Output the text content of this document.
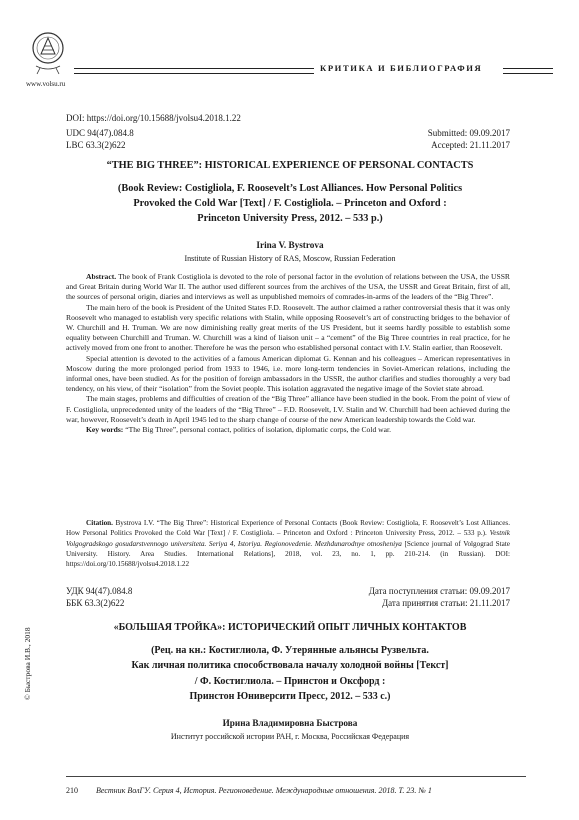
www.volsu.ru
КРИТИКА И БИБЛИОГРАФИЯ
DOI: https://doi.org/10.15688/jvolsu4.2018.1.22
UDC 94(47).084.8	Submitted: 09.09.2017
LBC 63.3(2)622	Accepted: 21.11.2017
“THE BIG THREE”: HISTORICAL EXPERIENCE OF PERSONAL CONTACTS
(Book Review: Costigliola, F. Roosevelt’s Lost Alliances. How Personal Politics
Provoked the Cold War [Text] / F. Costigliola. – Princeton and Oxford :
Princeton University Press, 2012. – 533 p.)
Irina V. Bystrova
Institute of Russian History of RAS, Moscow, Russian Federation

Abstract. The book of Frank Costigliola is devoted to the role of personal factor in the evolution of relations between the USA, the USSR and Great Britain during World War II. The author used different sources from the archives of the USA, the USSR and Great Britain, first of all, the sources of personal origin, diaries and interviews as well as unpublished memoirs of comrades-in-arms of the leaders of the “Big Three”.

The main hero of the book is President of the United States F.D. Roosevelt. The author claimed a rather controversial thesis that it was only Roosevelt who managed to establish very specific relations with Stalin, while opposing Roosevelt’s art of constructing bridges to the behavior of W. Churchill and H. Truman. We are now diminishing really great merits of the US President, but it seems hardly possible to establish some equality between Churchill and Truman. W. Churchill was a kind of liaison unit – a “cement” of the Big Three countries in real practice, for he actively moved from one front to another. Therefore he was the person who established personal contact with I.V. Stalin earlier, than Roosevelt.

Special attention is devoted to the activities of a famous American diplomat G. Kennan and his colleagues – American representatives in Moscow during the more prolonged period from 1933 to 1946, i.e. more long-term tendencies in Soviet-American relations, including the informal ones, have been studied. As for the position of foreign ambassadors in the USSR, the author clarifies and studies thoroughly a very bad tendency, on his view, of their “isolation” from the Soviet people. This isolation aggravated the negative image of the Soviet state abroad.

The main stages, problems and difficulties of creation of the “Big Three” alliance have been studied in the book. From the point of view of F. Costigliola, unprecedented unity of the leaders of the “Big Three” – F.D. Roosevelt, I.V. Stalin and W. Churchill had been achieved during the war, however, Roosevelt’s death in April 1945 led to the sharp change of course of the new American leadership towards the Cold war.

Key words: “The Big Three”, personal contact, politics of isolation, diplomatic corps, the Cold war.

Citation. Bystrova I.V. “The Big Three”: Historical Experience of Personal Contacts (Book Review: Costigliola, F. Roosevelt’s Lost Alliances. How Personal Politics Provoked the Cold War [Text] / F. Costigliola. – Princeton and Oxford : Princeton University Press, 2012. – 533 p.). Vestnik Volgogradskogo gosudarstvennogo universiteta. Seriya 4, Istoriya. Regionovedenie. Mezhdunarodnye otnosheniya [Science journal of Volgograd State University. History. Area Studies. International Relations], 2018, vol. 23, no. 1, pp. 210-214. (in Russian). DOI: https://doi.org/10.15688/jvolsu4.2018.1.22

УДК 94(47).084.8	Дата поступления статьи: 09.09.2017
ББК 63.3(2)622	Дата принятия статьи: 21.11.2017
«БОЛЬШАЯ ТРОЙКА»: ИСТОРИЧЕСКИЙ ОПЫТ ЛИЧНЫХ КОНТАКТОВ
(Рец. на кн.: Костиглиола, Ф. Утерянные альянсы Рузвельта.
Как личная политика способствовала началу холодной войны [Текст]
/ Ф. Костиглиола. – Принстон и Оксфорд :
Принстон Юниверсити Пресс, 2012. – 533 с.)
Ирина Владимировна Быстрова
Институт российской истории РАН, г. Москва, Российская Федерация
© Быстрова И.В., 2018
210 Вестник ВолГУ. Серия 4, История. Регионоведение. Международные отношения. 2018. Т. 23. № 1
